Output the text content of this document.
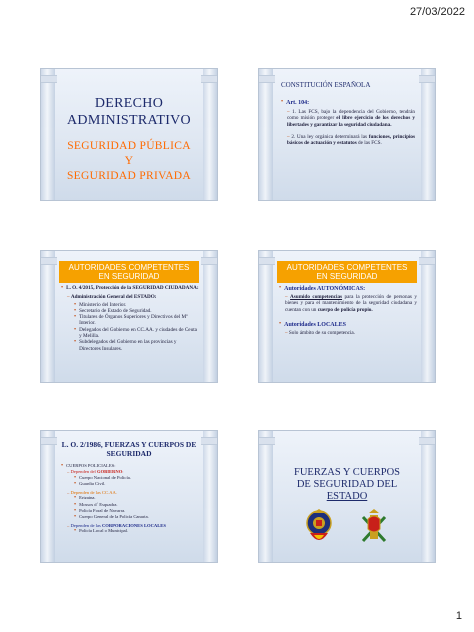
27/03/2022
DERECHO
ADMINISTRATIVO
SEGURIDAD PÚBLICA
Y
SEGURIDAD PRIVADA
CONSTITUCIÓN ESPAÑOLA
• Art. 104:
– 1. Las FCS, bajo la dependencia del Gobierno, tendrán como misión proteger el libre ejercicio de los derechos y libertades y garantizar la seguridad ciudadana.
– 2. Una ley orgánica determinará las funciones, principios básicos de actuación y estatutos de las FCS.
AUTORIDADES COMPETENTES EN SEGURIDAD
• L. O. 4/2015, Protección de la SEGURIDAD CIUDADANA:
– Administración General del ESTADO:
• Ministerio del Interior.
• Secretario de Estado de Seguridad.
• Titulares de Órganos Superiores y Directivos del Mº Interior.
• Delegados del Gobierno en CC.AA. y ciudades de Ceuta y Melilla.
• Subdelegados del Gobierno en las provincias y Directores Insulares.
AUTORIDADES COMPETENTES EN SEGURIDAD
• Autoridades AUTONÓMICAS:
– Asumido competencias para la protección de personas y bienes y para el mantenimiento de la seguridad ciudadana y cuentan con un cuerpo de policía propio.
• Autoridades LOCALES
– Solo ámbito de su competencia.
L. O. 2/1986, FUERZAS Y CUERPOS DE SEGURIDAD
• CUERPOS POLICIALES:
– Dependen del GOBIERNO:
• Cuerpo Nacional de Policía.
• Guardia Civil.
– Dependen de las CC.AA.
• Ertzaina.
• Mossos d´ Esquadra.
• Policía Foral de Navarra.
• Cuerpo General de la Policía Canaria.
– Dependen de las CORPORACIONES LOCALES
• Policía Local o Municipal.
FUERZAS Y CUERPOS
DE SEGURIDAD DEL
ESTADO
1
